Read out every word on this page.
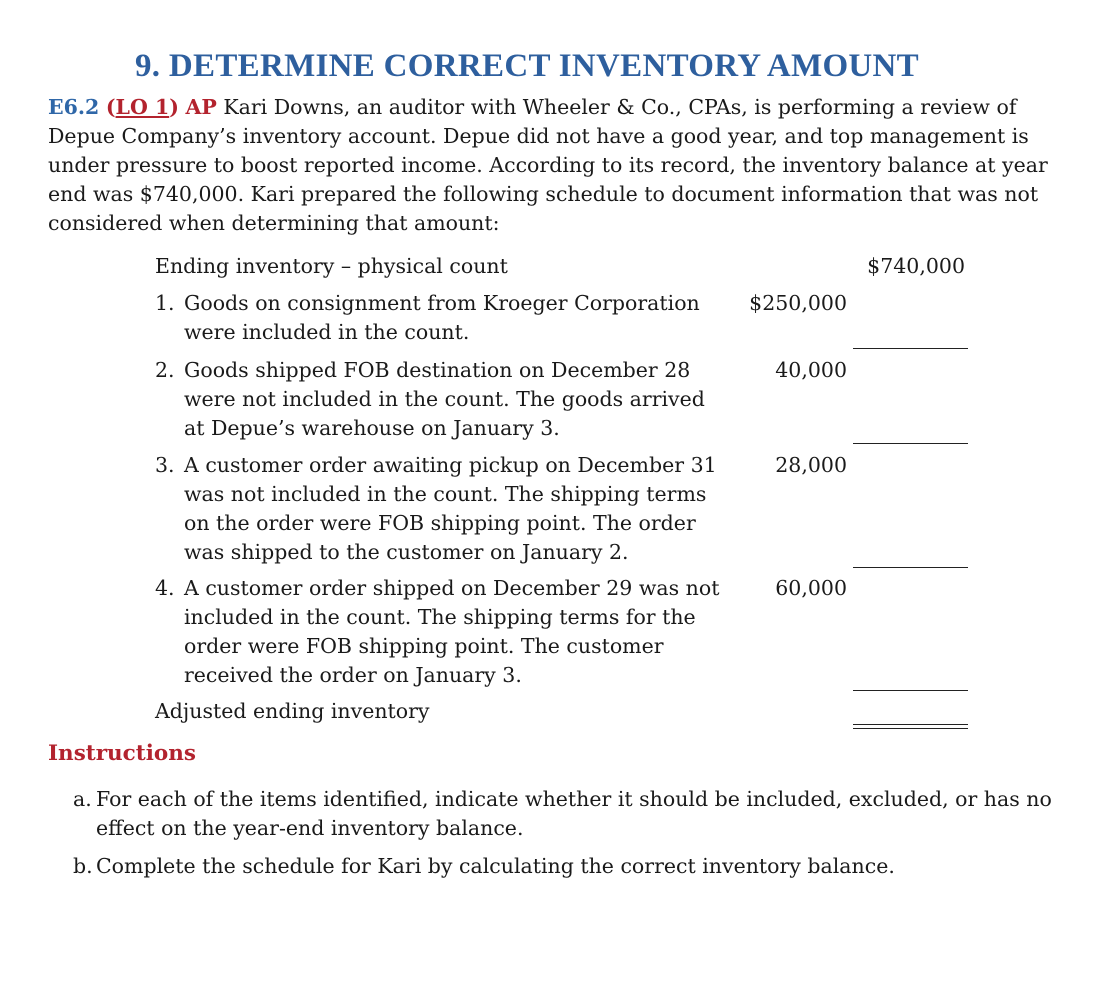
9. DETERMINE CORRECT INVENTORY AMOUNT

E6.2 (LO 1) AP Kari Downs, an auditor with Wheeler & Co., CPAs, is performing a review of Depue Company’s inventory account. Depue did not have a good year, and top management is under pressure to boost reported income. According to its record, the inventory balance at year end was $740,000. Kari prepared the following schedule to document information that was not considered when determining that amount:

Ending inventory – physical count	$740,000
1. Goods on consignment from Kroeger Corporation
were included in the count.
$250,000
2. Goods shipped FOB destination on December 28
were not included in the count. The goods arrived
at Depue’s warehouse on January 3.
40,000
3. A customer order awaiting pickup on December 31
was not included in the count. The shipping terms
on the order were FOB shipping point. The order
was shipped to the customer on January 2.
28,000
4. A customer order shipped on December 29 was not
included in the count. The shipping terms for the
order were FOB shipping point. The customer
received the order on January 3.
60,000
Adjusted ending inventory
Instructions
a. For each of the items identified, indicate whether it should be included, excluded, or has no
effect on the year-end inventory balance.
b. Complete the schedule for Kari by calculating the correct inventory balance.
